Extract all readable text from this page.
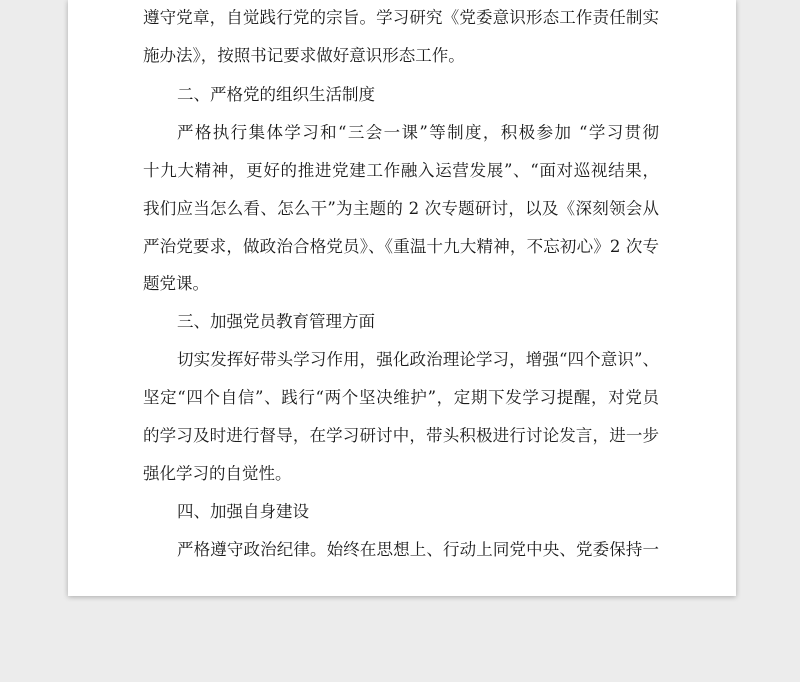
遵守党章，自觉践行党的宗旨。学习研究《党委意识形态工作责任制实
施办法》，按照书记要求做好意识形态工作。
二、严格党的组织生活制度
严格执行集体学习和“三会一课”等制度，积极参加 “学习贯彻
十九大精神，更好的推进党建工作融入运营发展”、“面对巡视结果，
我们应当怎么看、怎么干”为主题的 2 次专题研讨，以及《深刻领会从
严治党要求，做政治合格党员》、《重温十九大精神，不忘初心》2 次专
题党课。
三、加强党员教育管理方面
切实发挥好带头学习作用，强化政治理论学习，增强“四个意识”、
坚定“四个自信”、践行“两个坚决维护”，定期下发学习提醒，对党员
的学习及时进行督导，在学习研讨中，带头积极进行讨论发言，进一步
强化学习的自觉性。
四、加强自身建设
严格遵守政治纪律。始终在思想上、行动上同党中央、党委保持一
